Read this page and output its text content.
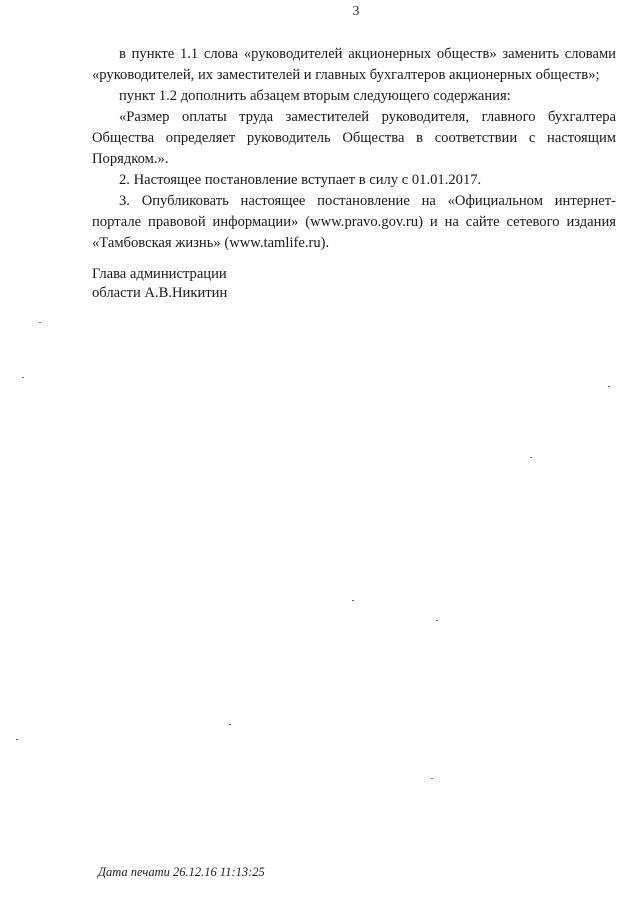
3

в пункте 1.1 слова «руководителей акционерных обществ» заменить словами «руководителей, их заместителей и главных бухгалтеров акционерных обществ»;

пункт 1.2 дополнить абзацем вторым следующего содержания:

«Размер оплаты труда заместителей руководителя, главного бухгалтера Общества определяет руководитель Общества в соответствии с настоящим Порядком.».

2. Настоящее постановление вступает в силу с 01.01.2017.

3. Опубликовать настоящее постановление на «Официальном интернет-портале правовой информации» (www.pravo.gov.ru) и на сайте сетевого издания «Тамбовская жизнь» (www.tamlife.ru).

Глава администрации
области А.В.Никитин
Дата печати 26.12.16 11:13:25
